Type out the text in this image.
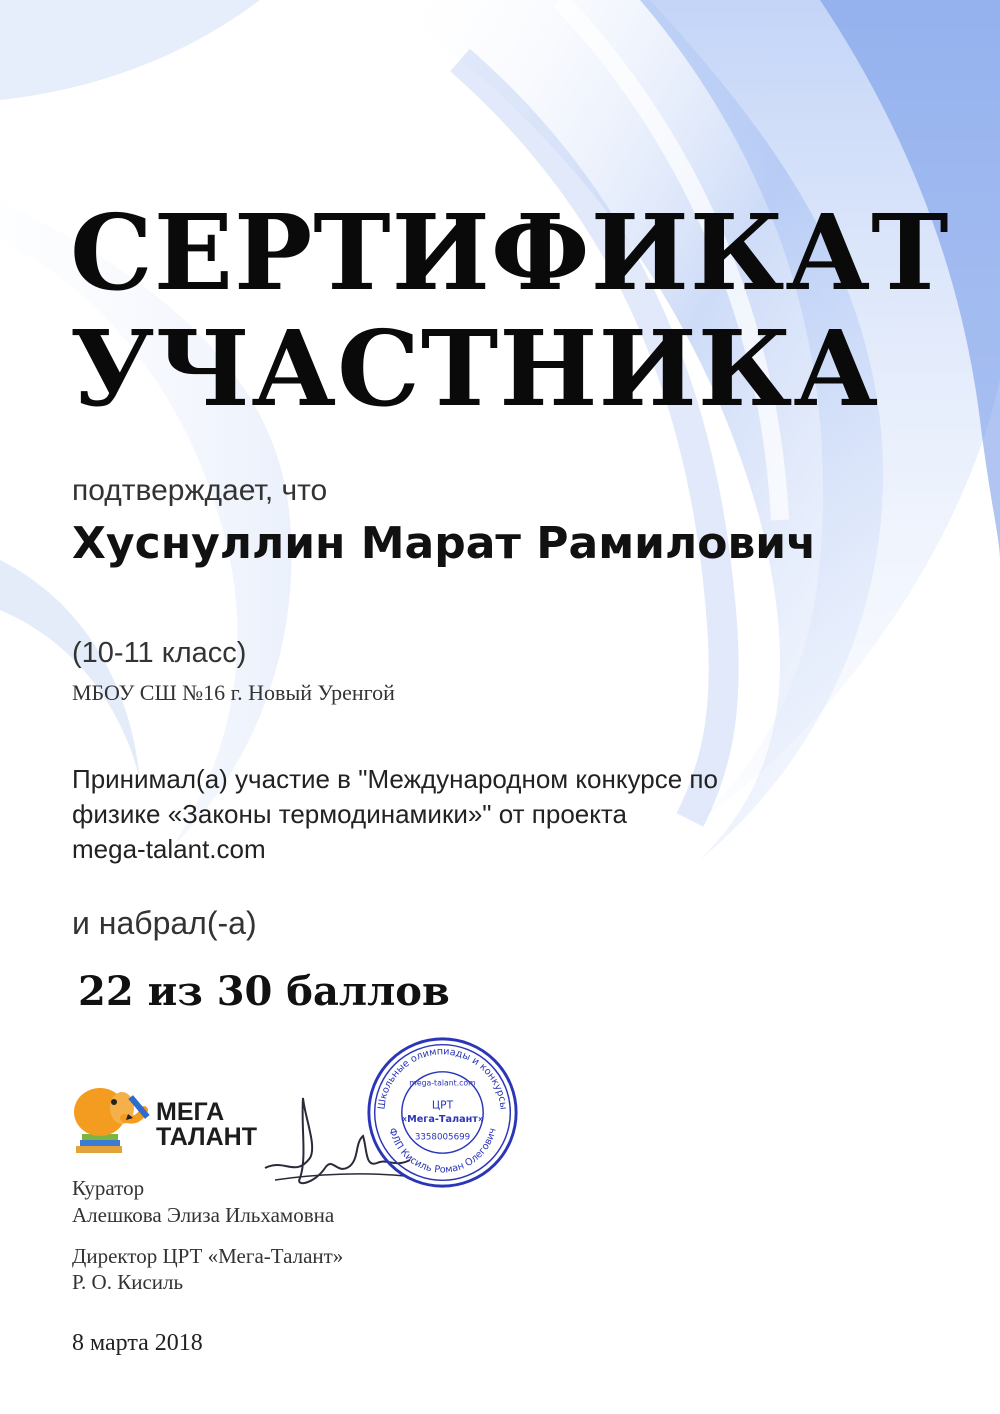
СЕРТИФИКАТ
УЧАСТНИКА

подтверждает, что

Хуснуллин Марат Рамилович

(10-11 класс)

МБОУ СШ №16 г. Новый Уренгой

Принимал(а) участие в "Международном конкурсе по
физике «Законы термодинамики»" от проекта
mega-talant.com

и набрал(-а)

22 из 30 баллов

МЕГА
ТАЛАНТ
Школьные олимпиады и конкурсы
ФЛП Кисиль Роман Олегович
mega-talant.com
ЦРТ
«Мега-Талант»
3358005699

Куратор

Алешкова Элиза Ильхамовна

Директор ЦРТ «Мега-Талант»

Р. О. Кисиль

8 марта 2018
